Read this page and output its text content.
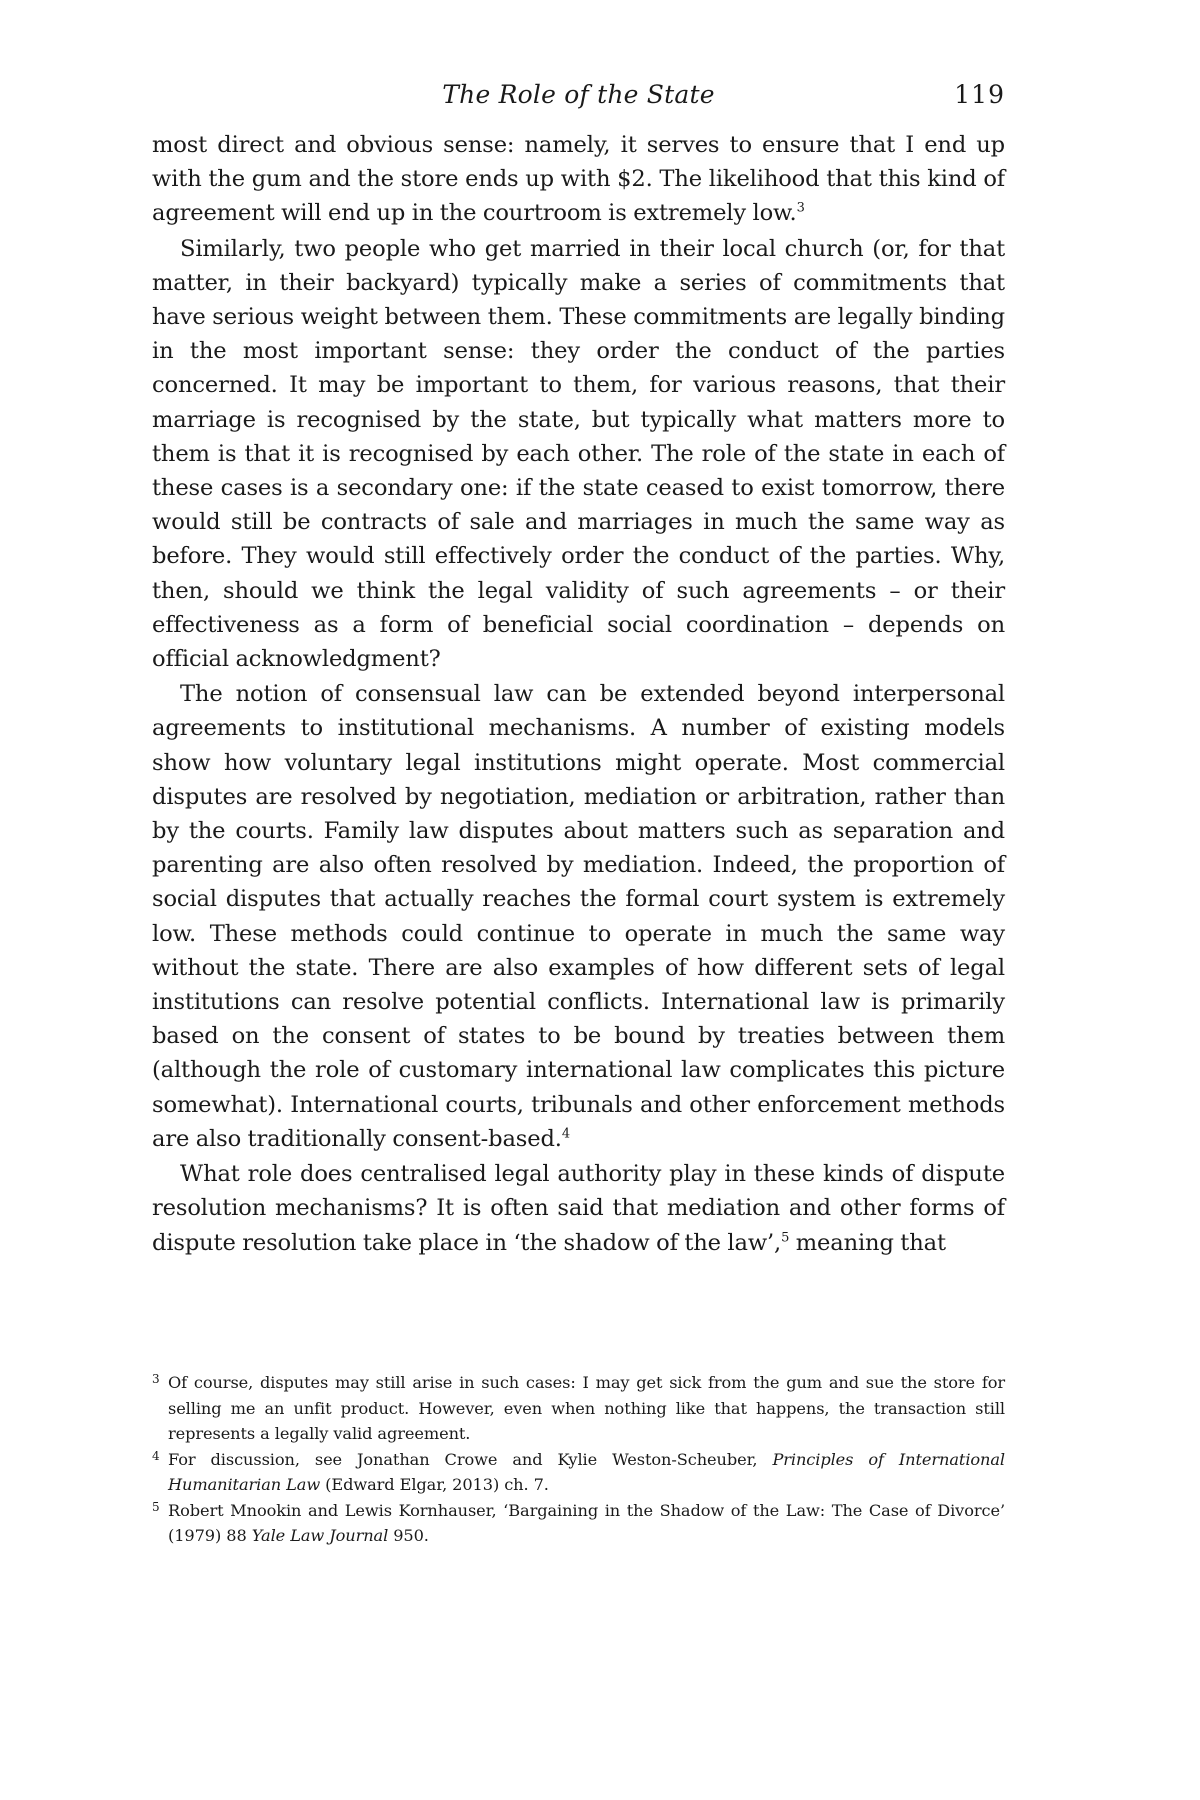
The Role of the State	119

most direct and obvious sense: namely, it serves to ensure that I end up with the gum and the store ends up with $2. The likelihood that this kind of agreement will end up in the courtroom is extremely low.$^3$

Similarly, two people who get married in their local church (or, for that matter, in their backyard) typically make a series of commitments that have serious weight between them. These commitments are legally binding in the most important sense: they order the conduct of the parties concerned. It may be important to them, for various reasons, that their marriage is recognised by the state, but typically what matters more to them is that it is recognised by each other. The role of the state in each of these cases is a secondary one: if the state ceased to exist tomorrow, there would still be contracts of sale and marriages in much the same way as before. They would still effectively order the conduct of the parties. Why, then, should we think the legal validity of such agreements – or their effectiveness as a form of beneficial social coordination – depends on official acknowledgment?

The notion of consensual law can be extended beyond interpersonal agreements to institutional mechanisms. A number of existing models show how voluntary legal institutions might operate. Most commercial disputes are resolved by negotiation, mediation or arbitration, rather than by the courts. Family law disputes about matters such as separation and parenting are also often resolved by mediation. Indeed, the proportion of social disputes that actually reaches the formal court system is extremely low. These methods could continue to operate in much the same way without the state. There are also examples of how different sets of legal institutions can resolve potential conflicts. International law is primarily based on the consent of states to be bound by treaties between them (although the role of customary international law complicates this picture somewhat). International courts, tribunals and other enforcement methods are also traditionally consent-based.$^4$

What role does centralised legal authority play in these kinds of dispute resolution mechanisms? It is often said that mediation and other forms of dispute resolution take place in ‘the shadow of the law’,$^5$ meaning that

3 Of course, disputes may still arise in such cases: I may get sick from the gum and sue the store for selling me an unfit product. However, even when nothing like that happens, the transaction still represents a legally valid agreement.

4 For discussion, see Jonathan Crowe and Kylie Weston-Scheuber, Principles of International Humanitarian Law (Edward Elgar, 2013) ch. 7.

5 Robert Mnookin and Lewis Kornhauser, ‘Bargaining in the Shadow of the Law: The Case of Divorce’ (1979) 88 Yale Law Journal 950.
